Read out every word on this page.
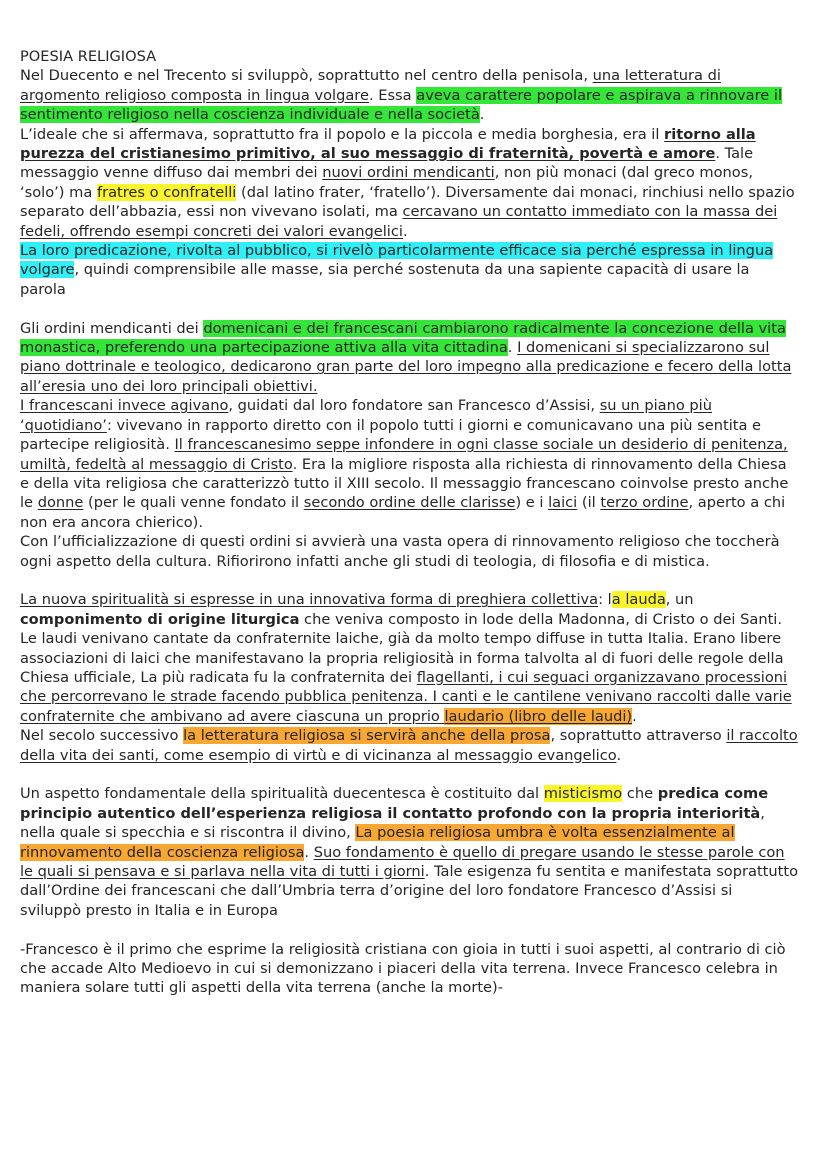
POESIA RELIGIOSA

Nel Duecento e nel Trecento si sviluppò, soprattutto nel centro della penisola, una letteratura di argomento religioso composta in lingua volgare. Essa aveva carattere popolare e aspirava a rinnovare il sentimento religioso nella coscienza individuale e nella società.

L’ideale che si affermava, soprattutto fra il popolo e la piccola e media borghesia, era il ritorno alla purezza del cristianesimo primitivo, al suo messaggio di fraternità, povertà e amore. Tale messaggio venne diffuso dai membri dei nuovi ordini mendicanti, non più monaci (dal greco monos, ‘solo’) ma fratres o confratelli (dal latino frater, ‘fratello’). Diversamente dai monaci, rinchiusi nello spazio separato dell’abbazia, essi non vivevano isolati, ma cercavano un contatto immediato con la massa dei fedeli, offrendo esempi concreti dei valori evangelici.

La loro predicazione, rivolta al pubblico, si rivelò particolarmente efficace sia perché espressa in lingua volgare, quindi comprensibile alle masse, sia perché sostenuta da una sapiente capacità di usare la parola

Gli ordini mendicanti dei domenicani e dei francescani cambiarono radicalmente la concezione della vita monastica, preferendo una partecipazione attiva alla vita cittadina. I domenicani si specializzarono sul piano dottrinale e teologico, dedicarono gran parte del loro impegno alla predicazione e fecero della lotta all’eresia uno dei loro principali obiettivi.

I francescani invece agivano, guidati dal loro fondatore san Francesco d’Assisi, su un piano più ‘quotidiano’: vivevano in rapporto diretto con il popolo tutti i giorni e comunicavano una più sentita e partecipe religiosità. Il francescanesimo seppe infondere in ogni classe sociale un desiderio di penitenza, umiltà, fedeltà al messaggio di Cristo. Era la migliore risposta alla richiesta di rinnovamento della Chiesa e della vita religiosa che caratterizzò tutto il XIII secolo. Il messaggio francescano coinvolse presto anche le donne (per le quali venne fondato il secondo ordine delle clarisse) e i laici (il terzo ordine, aperto a chi non era ancora chierico).

Con l’ufficializzazione di questi ordini si avvierà una vasta opera di rinnovamento religioso che toccherà ogni aspetto della cultura. Rifiorirono infatti anche gli studi di teologia, di filosofia e di mistica.

La nuova spiritualità si espresse in una innovativa forma di preghiera collettiva: la lauda, un componimento di origine liturgica che veniva composto in lode della Madonna, di Cristo o dei Santi.

Le laudi venivano cantate da confraternite laiche, già da molto tempo diffuse in tutta Italia. Erano libere associazioni di laici che manifestavano la propria religiosità in forma talvolta al di fuori delle regole della Chiesa ufficiale, La più radicata fu la confraternita dei flagellanti, i cui seguaci organizzavano processioni che percorrevano le strade facendo pubblica penitenza. I canti e le cantilene venivano raccolti dalle varie confraternite che ambivano ad avere ciascuna un proprio laudario (libro delle laudi).

Nel secolo successivo la letteratura religiosa si servirà anche della prosa, soprattutto attraverso il raccolto della vita dei santi, come esempio di virtù e di vicinanza al messaggio evangelico.

Un aspetto fondamentale della spiritualità duecentesca è costituito dal misticismo che predica come principio autentico dell’esperienza religiosa il contatto profondo con la propria interiorità, nella quale si specchia e si riscontra il divino, La poesia religiosa umbra è volta essenzialmente al rinnovamento della coscienza religiosa. Suo fondamento è quello di pregare usando le stesse parole con le quali si pensava e si parlava nella vita di tutti i giorni. Tale esigenza fu sentita e manifestata soprattutto dall’Ordine dei francescani che dall’Umbria terra d’origine del loro fondatore Francesco d’Assisi si sviluppò presto in Italia e in Europa

-Francesco è il primo che esprime la religiosità cristiana con gioia in tutti i suoi aspetti, al contrario di ciò che accade Alto Medioevo in cui si demonizzano i piaceri della vita terrena. Invece Francesco celebra in maniera solare tutti gli aspetti della vita terrena (anche la morte)-
